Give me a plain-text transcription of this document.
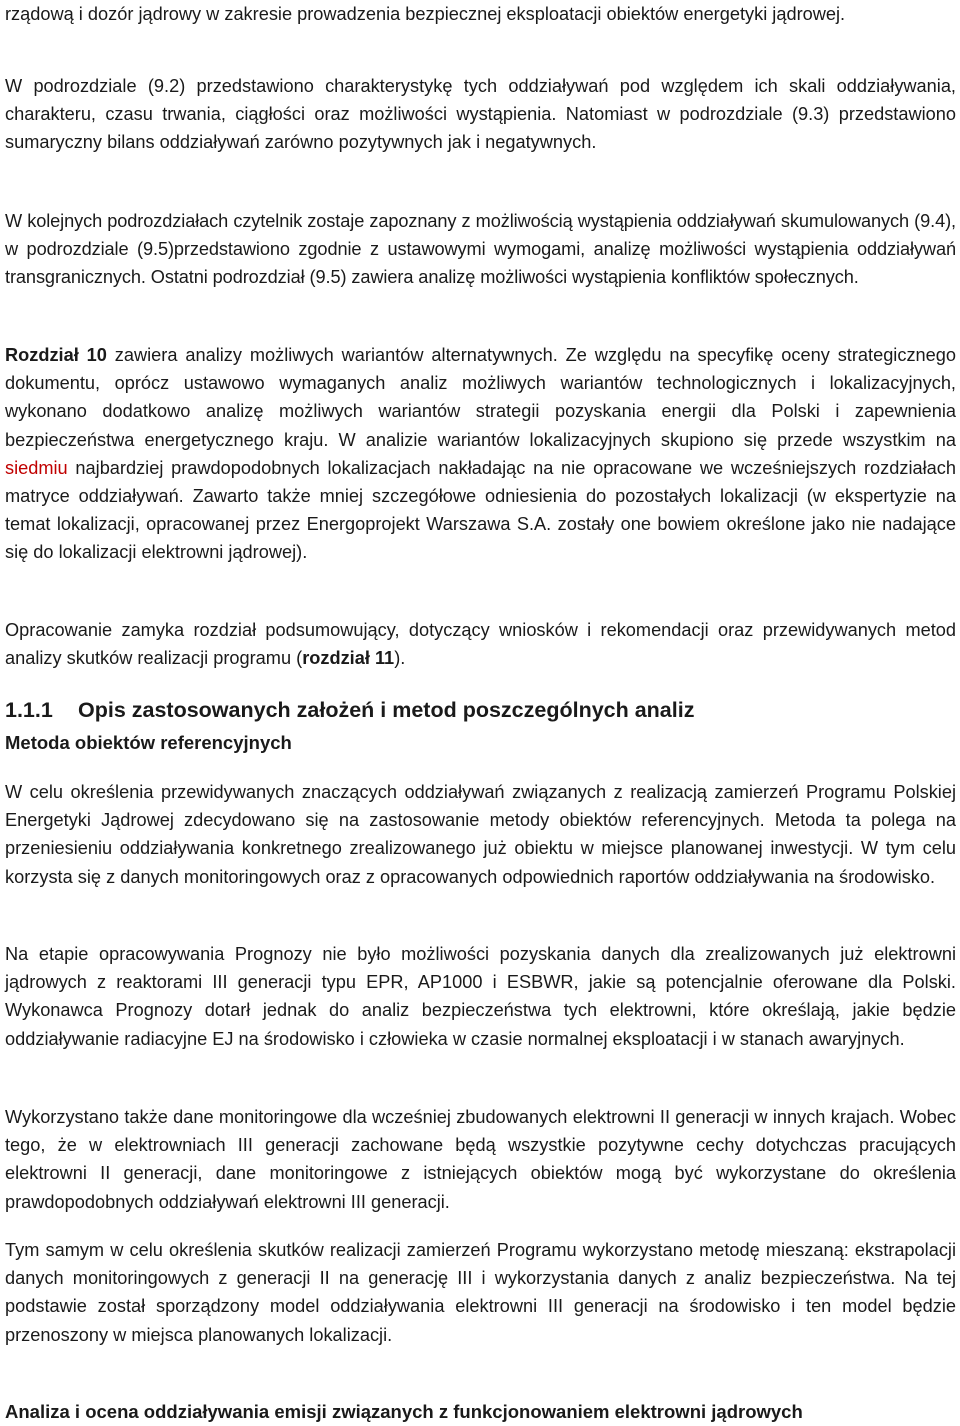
rządową i dozór jądrowy w zakresie prowadzenia bezpiecznej eksploatacji obiektów energetyki jądrowej.

W podrozdziale (9.2) przedstawiono charakterystykę tych oddziaływań pod względem ich skali oddziaływania, charakteru, czasu trwania, ciągłości oraz możliwości wystąpienia. Natomiast w podrozdziale (9.3) przedstawiono sumaryczny bilans oddziaływań zarówno pozytywnych jak i negatywnych.

W kolejnych podrozdziałach czytelnik zostaje zapoznany z możliwością wystąpienia oddziaływań skumulowanych (9.4), w podrozdziale (9.5)przedstawiono zgodnie z ustawowymi wymogami, analizę możliwości wystąpienia oddziaływań transgranicznych. Ostatni podrozdział (9.5) zawiera analizę możliwości wystąpienia konfliktów społecznych.

Rozdział 10 zawiera analizy możliwych wariantów alternatywnych. Ze względu na specyfikę oceny strategicznego dokumentu, oprócz ustawowo wymaganych analiz możliwych wariantów technologicznych i lokalizacyjnych, wykonano dodatkowo analizę możliwych wariantów strategii pozyskania energii dla Polski i zapewnienia bezpieczeństwa energetycznego kraju. W analizie wariantów lokalizacyjnych skupiono się przede wszystkim na siedmiu najbardziej prawdopodobnych lokalizacjach nakładając na nie opracowane we wcześniejszych rozdziałach matryce oddziaływań. Zawarto także mniej szczegółowe odniesienia do pozostałych lokalizacji (w ekspertyzie na temat lokalizacji, opracowanej przez Energoprojekt Warszawa S.A. zostały one bowiem określone jako nie nadające się do lokalizacji elektrowni jądrowej).

Opracowanie zamyka rozdział podsumowujący, dotyczący wniosków i rekomendacji oraz przewidywanych metod analizy skutków realizacji programu (rozdział 11).

1.1.1 Opis zastosowanych założeń i metod poszczególnych analiz
Metoda obiektów referencyjnych

W celu określenia przewidywanych znaczących oddziaływań związanych z realizacją zamierzeń Programu Polskiej Energetyki Jądrowej zdecydowano się na zastosowanie metody obiektów referencyjnych. Metoda ta polega na przeniesieniu oddziaływania konkretnego zrealizowanego już obiektu w miejsce planowanej inwestycji. W tym celu korzysta się z danych monitoringowych oraz z opracowanych odpowiednich raportów oddziaływania na środowisko.

Na etapie opracowywania Prognozy nie było możliwości pozyskania danych dla zrealizowanych już elektrowni jądrowych z reaktorami III generacji typu EPR, AP1000 i ESBWR, jakie są potencjalnie oferowane dla Polski. Wykonawca Prognozy dotarł jednak do analiz bezpieczeństwa tych elektrowni, które określają, jakie będzie oddziaływanie radiacyjne EJ na środowisko i człowieka w czasie normalnej eksploatacji i w stanach awaryjnych.

Wykorzystano także dane monitoringowe dla wcześniej zbudowanych elektrowni II generacji w innych krajach. Wobec tego, że w elektrowniach III generacji zachowane będą wszystkie pozytywne cechy dotychczas pracujących elektrowni II generacji, dane monitoringowe z istniejących obiektów mogą być wykorzystane do określenia prawdopodobnych oddziaływań elektrowni III generacji.

Tym samym w celu określenia skutków realizacji zamierzeń Programu wykorzystano metodę mieszaną: ekstrapolacji danych monitoringowych z generacji II na generację III i wykorzystania danych z analiz bezpieczeństwa. Na tej podstawie został sporządzony model oddziaływania elektrowni III generacji na środowisko i ten model będzie przenoszony w miejsca planowanych lokalizacji.

Analiza i ocena oddziaływania emisji związanych z funkcjonowaniem elektrowni jądrowych
